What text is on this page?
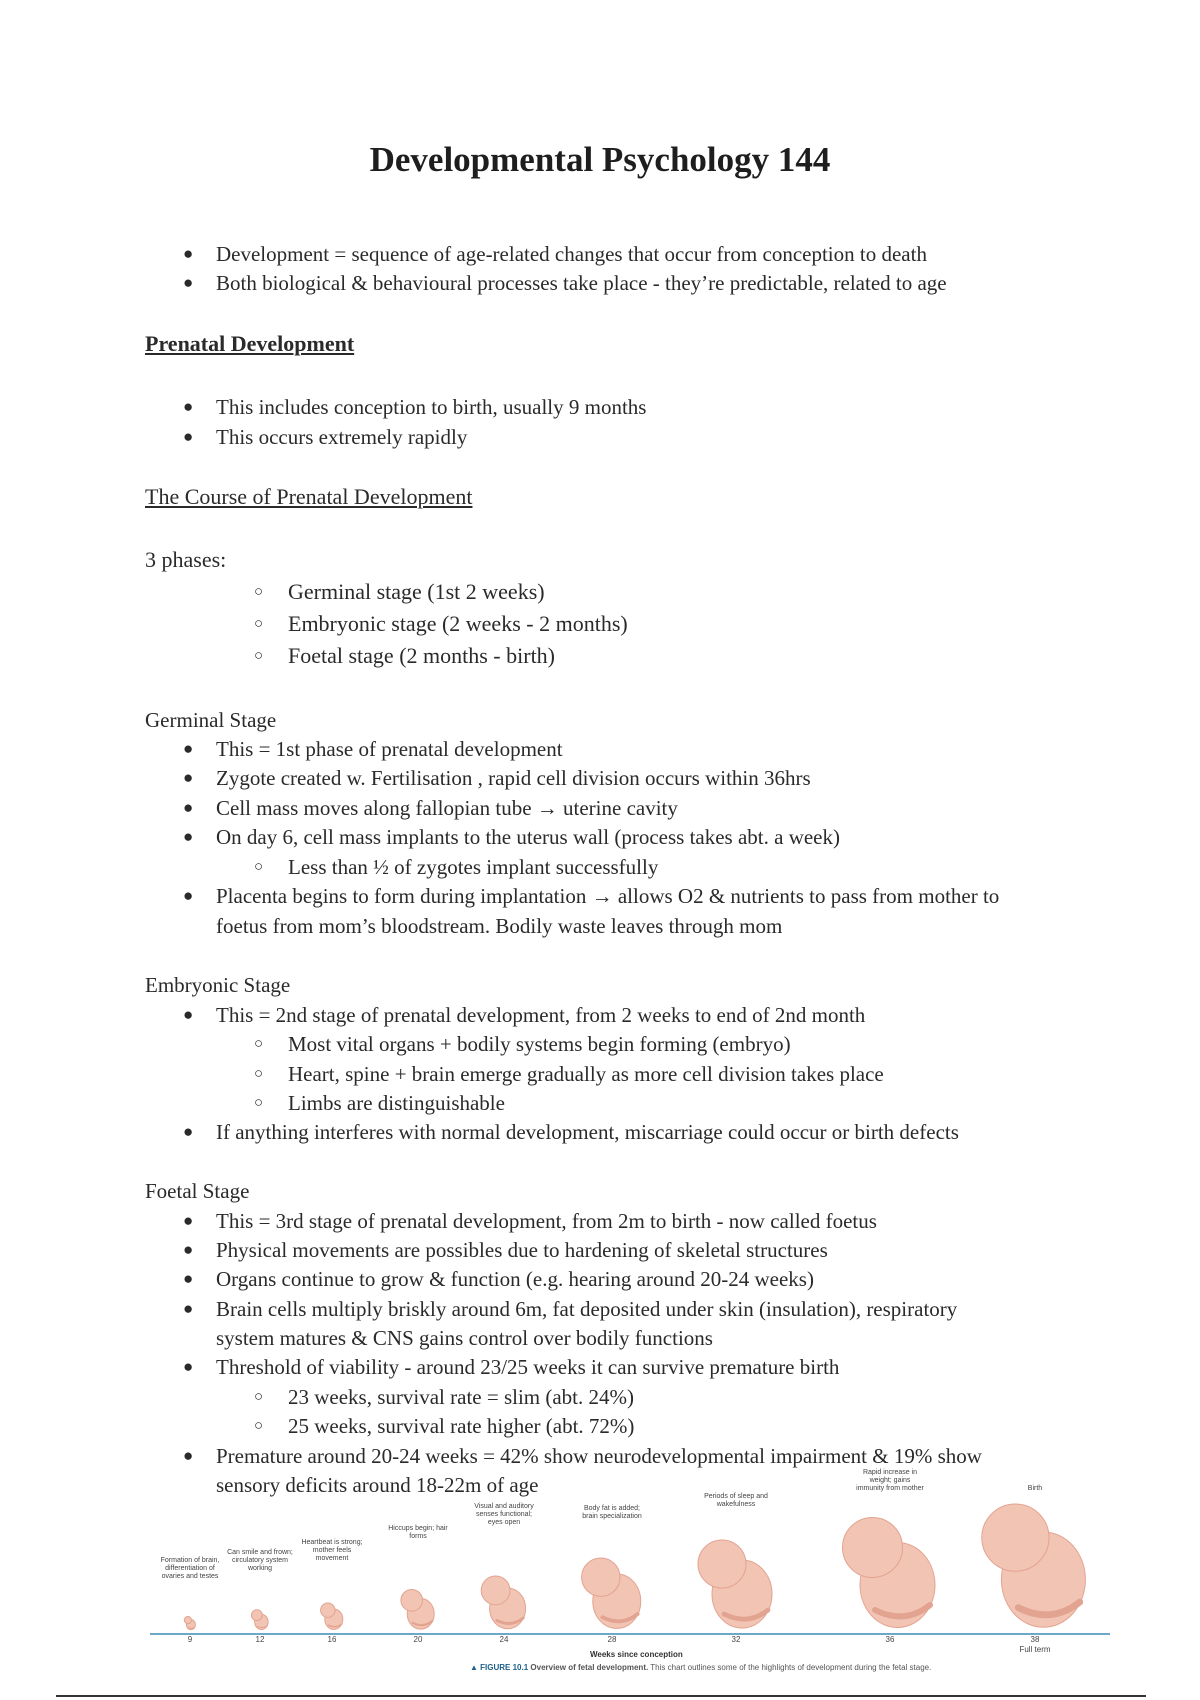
Developmental Psychology 144
● Development = sequence of age-related changes that occur from conception to death
● Both biological & behavioural processes take place - they’re predictable, related to age
Prenatal Development
● This includes conception to birth, usually 9 months
● This occurs extremely rapidly
The Course of Prenatal Development
3 phases:
○ Germinal stage (1st 2 weeks)
○ Embryonic stage (2 weeks - 2 months)
○ Foetal stage (2 months - birth)
Germinal Stage
● This = 1st phase of prenatal development
● Zygote created w. Fertilisation , rapid cell division occurs within 36hrs
● Cell mass moves along fallopian tube → uterine cavity
● On day 6, cell mass implants to the uterus wall (process takes abt. a week)
○ Less than ½ of zygotes implant successfully
● Placenta begins to form during implantation → allows O2 & nutrients to pass from mother to
foetus from mom’s bloodstream. Bodily waste leaves through mom
Embryonic Stage
● This = 2nd stage of prenatal development, from 2 weeks to end of 2nd month
○ Most vital organs + bodily systems begin forming (embryo)
○ Heart, spine + brain emerge gradually as more cell division takes place
○ Limbs are distinguishable
● If anything interferes with normal development, miscarriage could occur or birth defects
Foetal Stage
● This = 3rd stage of prenatal development, from 2m to birth - now called foetus
● Physical movements are possibles due to hardening of skeletal structures
● Organs continue to grow & function (e.g. hearing around 20-24 weeks)
● Brain cells multiply briskly around 6m, fat deposited under skin (insulation), respiratory
system matures & CNS gains control over bodily functions
● Threshold of viability - around 23/25 weeks it can survive premature birth
○ 23 weeks, survival rate = slim (abt. 24%)
○ 25 weeks, survival rate higher (abt. 72%)
● Premature around 20-24 weeks = 42% show neurodevelopmental impairment & 19% show
sensory deficits around 18-22m of age
9	12	16	20	24	28	32	36	38
Full term
Formation of brain, differentiation of ovaries and testes
Can smile and frown; circulatory system working
Heartbeat is strong; mother feels movement
Hiccups begin; hair forms
Visual and auditory senses functional; eyes open
Body fat is added; brain specialization
Periods of sleep and wakefulness
Rapid increase in weight; gains immunity from mother	Birth
Weeks since conception
▲ FIGURE 10.1 Overview of fetal development. This chart outlines some of the highlights of development during the fetal stage.
